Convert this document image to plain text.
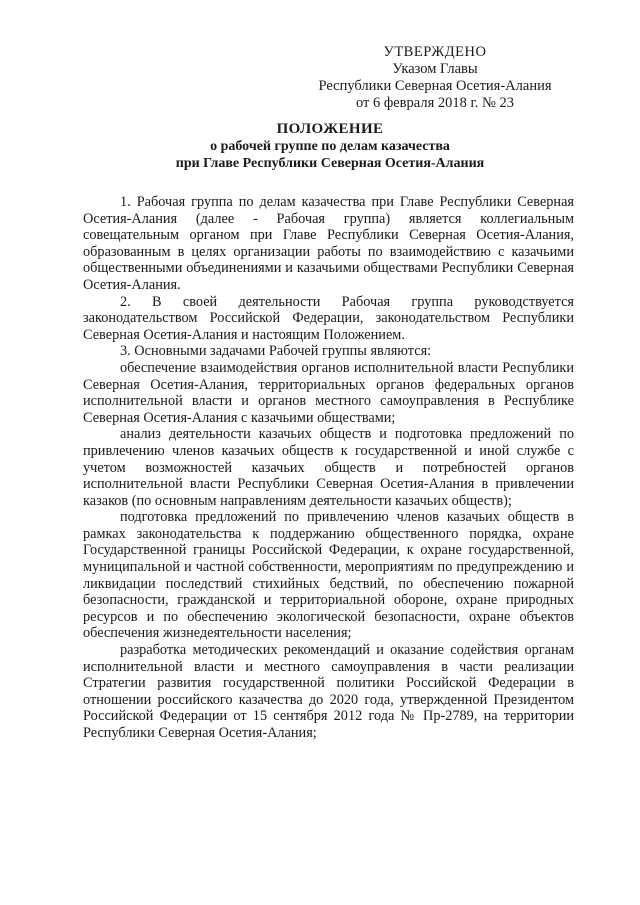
УТВЕРЖДЕНО
Указом Главы
Республики Северная Осетия-Алания
от 6 февраля 2018 г. № 23
ПОЛОЖЕНИЕ
о рабочей группе по делам казачества
при Главе Республики Северная Осетия-Алания

1. Рабочая группа по делам казачества при Главе Республики Северная Осетия-Алания (далее - Рабочая группа) является коллегиальным совещательным органом при Главе Республики Северная Осетия-Алания, образованным в целях организации работы по взаимодействию с казачьими общественными объединениями и казачьими обществами Республики Северная Осетия-Алания.

2. В своей деятельности Рабочая группа руководствуется законодательством Российской Федерации, законодательством Республики Северная Осетия-Алания и настоящим Положением.

3. Основными задачами Рабочей группы являются:

обеспечение взаимодействия органов исполнительной власти Республики Северная Осетия-Алания, территориальных органов федеральных органов исполнительной власти и органов местного самоуправления в Республике Северная Осетия-Алания с казачьими обществами;

анализ деятельности казачьих обществ и подготовка предложений по привлечению членов казачьих обществ к государственной и иной службе с учетом возможностей казачьих обществ и потребностей органов исполнительной власти Республики Северная Осетия-Алания в привлечении казаков (по основным направлениям деятельности казачьих обществ);

подготовка предложений по привлечению членов казачьих обществ в рамках законодательства к поддержанию общественного порядка, охране Государственной границы Российской Федерации, к охране государственной, муниципальной и частной собственности, мероприятиям по предупреждению и ликвидации последствий стихийных бедствий, по обеспечению пожарной безопасности, гражданской и территориальной обороне, охране природных ресурсов и по обеспечению экологической безопасности, охране объектов обеспечения жизнедеятельности населения;

разработка методических рекомендаций и оказание содействия органам исполнительной власти и местного самоуправления в части реализации Стратегии развития государственной политики Российской Федерации в отношении российского казачества до 2020 года, утвержденной Президентом Российской Федерации от 15 сентября 2012 года № Пр-2789, на территории Республики Северная Осетия-Алания;
